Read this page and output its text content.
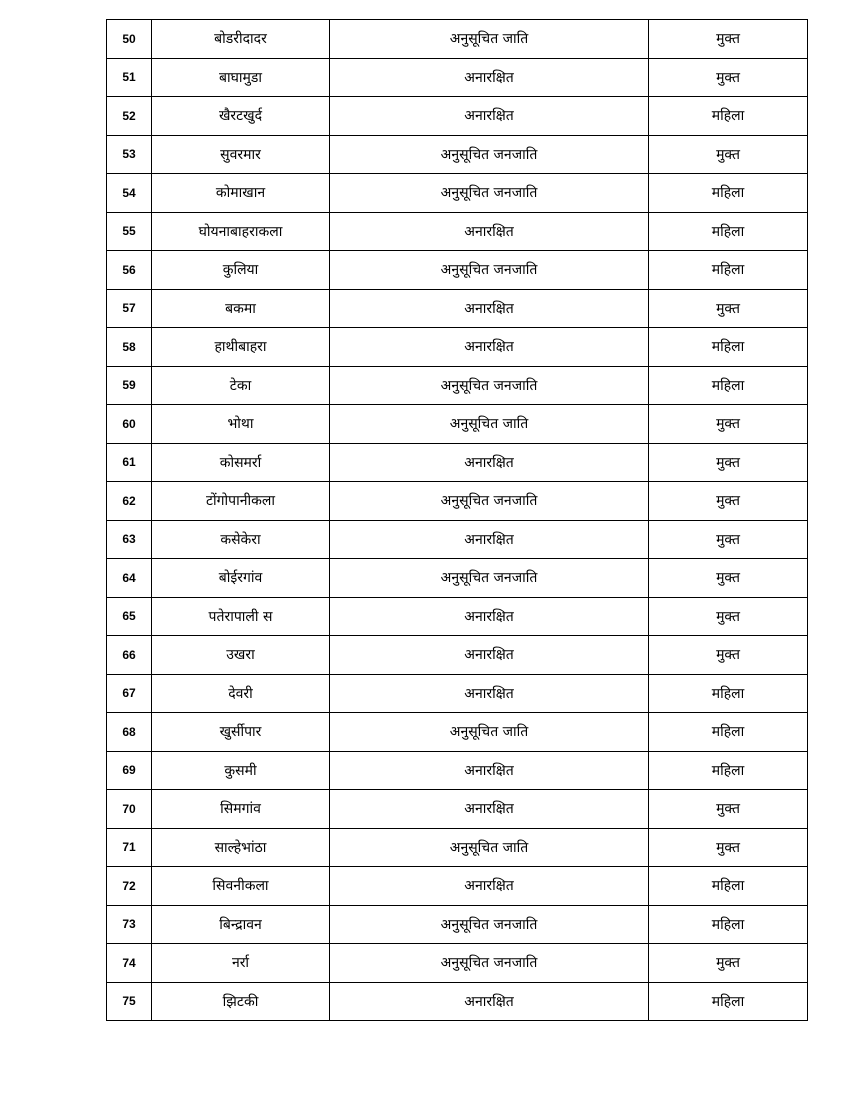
50	बोडरीदादर	अनुसूचित जाति	मुक्त
51	बाघामुडा	अनारक्षित	मुक्त
52	खैरटखुर्द	अनारक्षित	महिला
53	सुवरमार	अनुसूचित जनजाति	मुक्त
54	कोमाखान	अनुसूचित जनजाति	महिला
55	घोयनाबाहराकला	अनारक्षित	महिला
56	कुलिया	अनुसूचित जनजाति	महिला
57	बकमा	अनारक्षित	मुक्त
58	हाथीबाहरा	अनारक्षित	महिला
59	टेका	अनुसूचित जनजाति	महिला
60	भोथा	अनुसूचित जाति	मुक्त
61	कोसमर्रा	अनारक्षित	मुक्त
62	टोंगोपानीकला	अनुसूचित जनजाति	मुक्त
63	कसेकेरा	अनारक्षित	मुक्त
64	बोईरगांव	अनुसूचित जनजाति	मुक्त
65	पतेरापाली स	अनारक्षित	मुक्त
66	उखरा	अनारक्षित	मुक्त
67	देवरी	अनारक्षित	महिला
68	खुर्सीपार	अनुसूचित जाति	महिला
69	कुसमी	अनारक्षित	महिला
70	सिमगांव	अनारक्षित	मुक्त
71	साल्हेभांठा	अनुसूचित जाति	मुक्त
72	सिवनीकला	अनारक्षित	महिला
73	बिन्द्रावन	अनुसूचित जनजाति	महिला
74	नर्रा	अनुसूचित जनजाति	मुक्त
75	झिटकी	अनारक्षित	महिला
